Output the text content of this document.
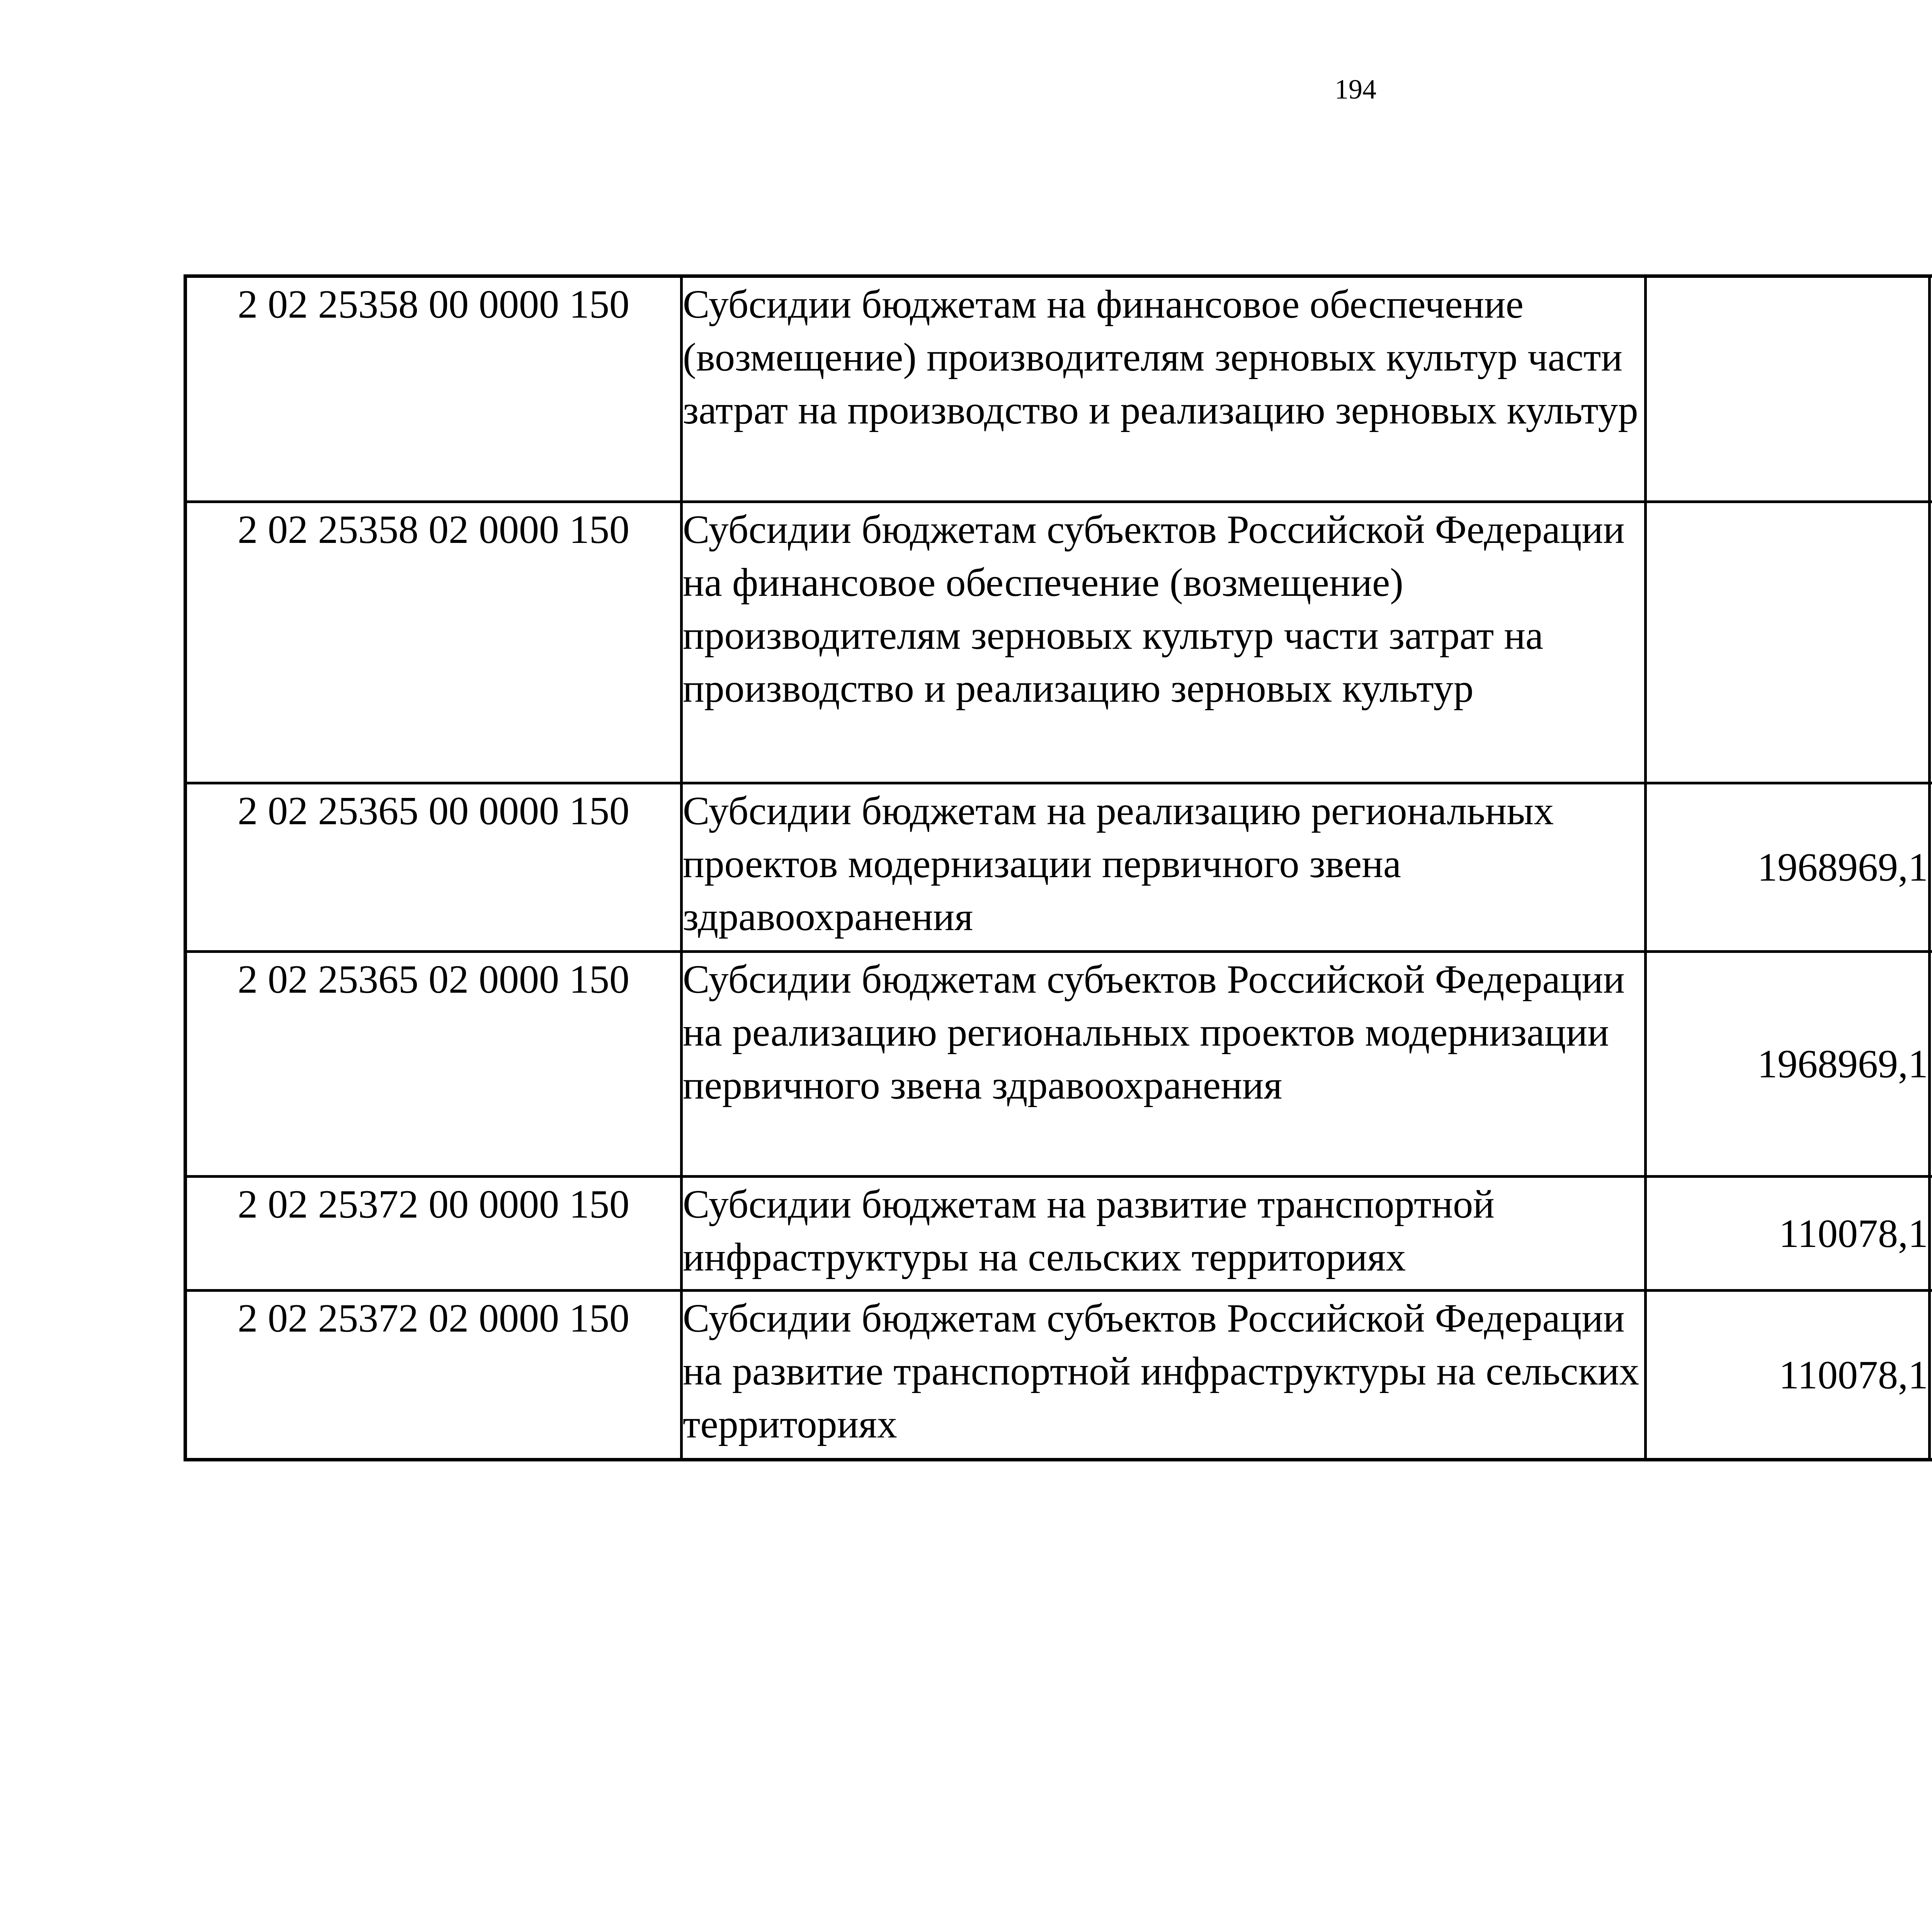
194
2 02 25358 00 0000 150	Субсидии бюджетам на финансовое обеспечение (возмещение) производителям зерновых культур части затрат на производство и реализацию зерновых культур			
2 02 25358 02 0000 150	Субсидии бюджетам субъектов Российской Федерации на финансовое обеспечение (возмещение) производителям зерновых культур части затрат на производство и реализацию зерновых культур			
2 02 25365 00 0000 150	Субсидии бюджетам на реализацию региональных проектов модернизации первичного звена здравоохранения	1968969,1		
2 02 25365 02 0000 150	Субсидии бюджетам субъектов Российской Федерации на реализацию региональных проектов модернизации первичного звена здравоохранения	1968969,1		
2 02 25372 00 0000 150	Субсидии бюджетам на развитие транспортной инфраструктуры на сельских территориях	110078,1		
2 02 25372 02 0000 150	Субсидии бюджетам субъектов Российской Федерации на развитие транспортной инфраструктуры на сельских территориях	110078,1		
